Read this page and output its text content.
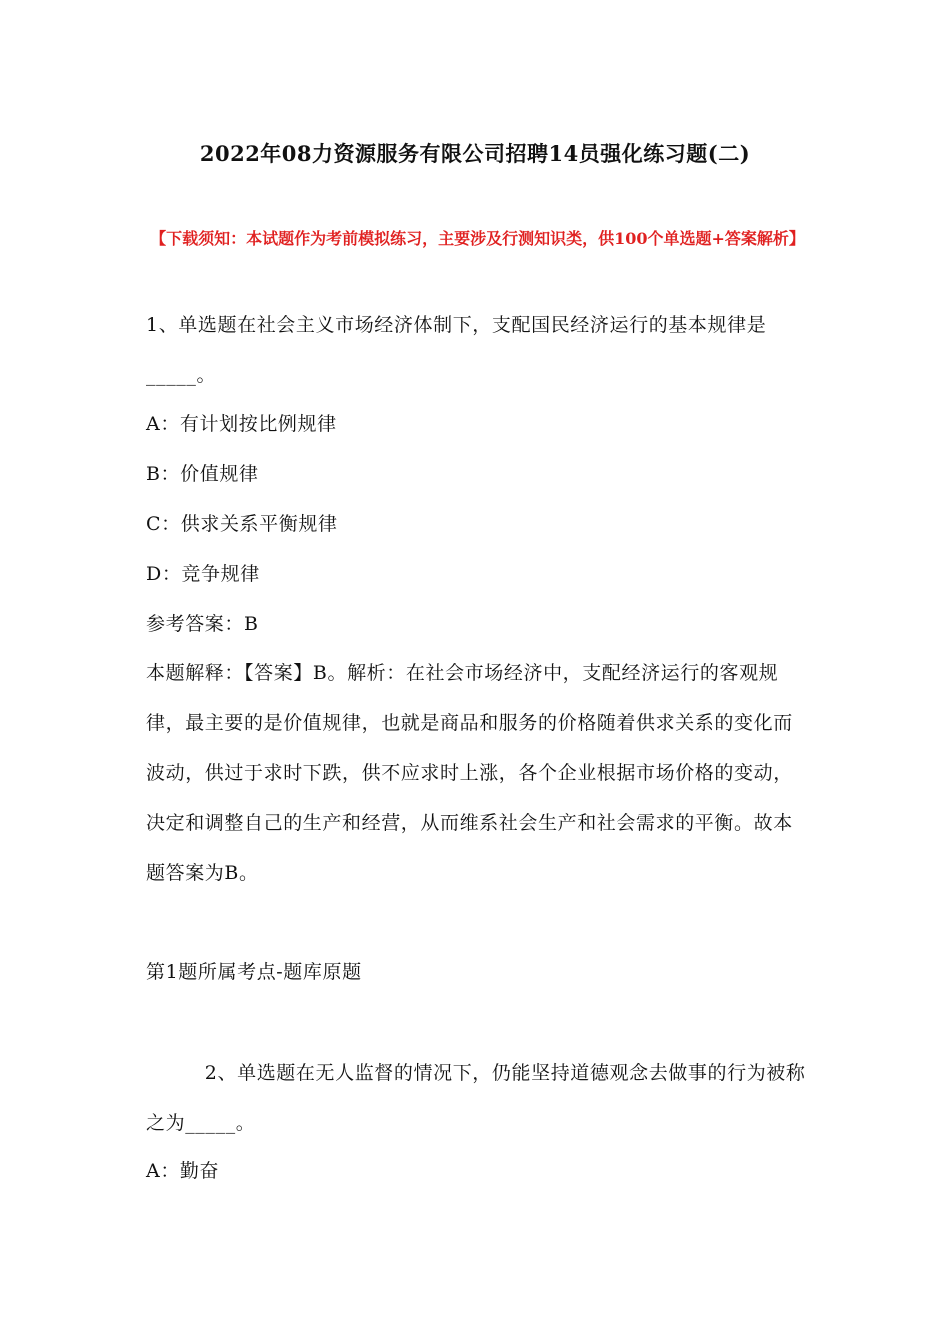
2022年08力资源服务有限公司招聘14员强化练习题(二)
【下载须知：本试题作为考前模拟练习，主要涉及行测知识类，供100个单选题+答案解析】
1、单选题在社会主义市场经济体制下，支配国民经济运行的基本规律是_____。
A：有计划按比例规律
B：价值规律
C：供求关系平衡规律
D：竞争规律
参考答案：B
本题解释：【答案】B。解析：在社会市场经济中，支配经济运行的客观规律，最主要的是价值规律，也就是商品和服务的价格随着供求关系的变化而波动，供过于求时下跌，供不应求时上涨，各个企业根据市场价格的变动，决定和调整自己的生产和经营，从而维系社会生产和社会需求的平衡。故本题答案为B。
第1题所属考点-题库原题
　　　2、单选题在无人监督的情况下，仍能坚持道德观念去做事的行为被称之为_____。
A：勤奋
